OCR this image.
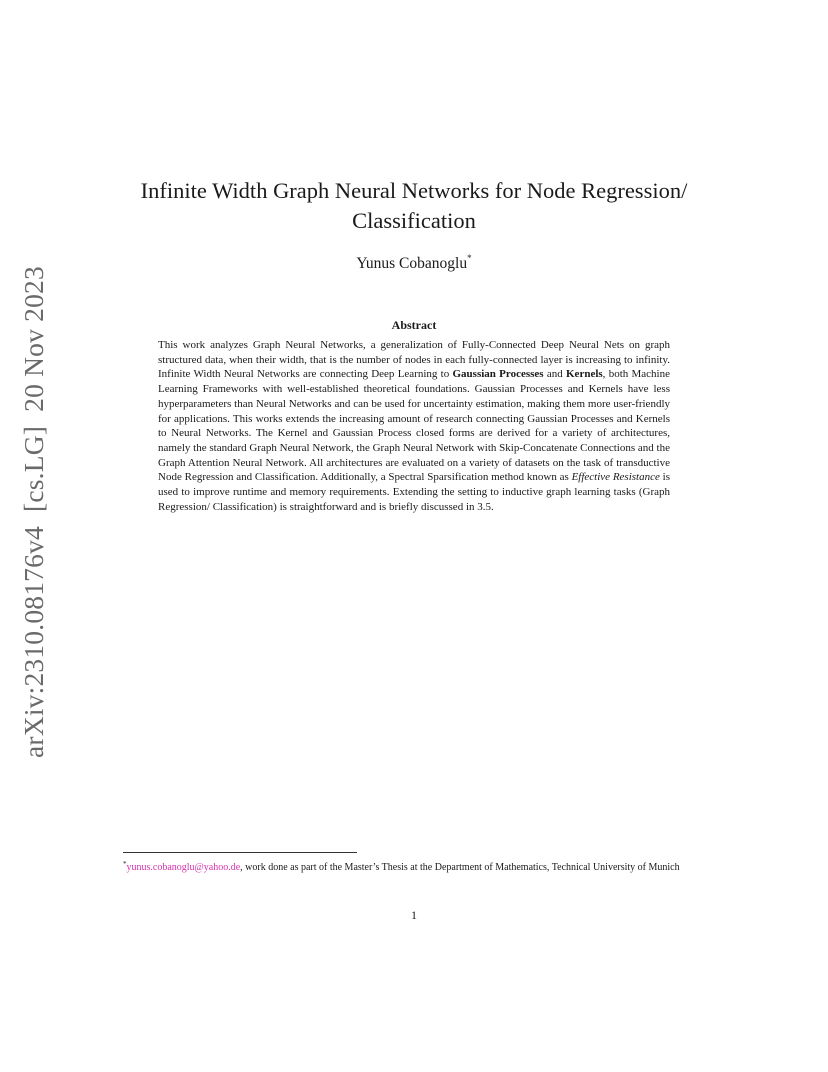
arXiv:2310.08176v4[cs.LG]20 Nov 2023
Infinite Width Graph Neural Networks for Node Regression/
Classification
Yunus Cobanoglu*
Abstract

This work analyzes Graph Neural Networks, a generalization of Fully-Connected Deep Neural Nets on graph structured data, when their width, that is the number of nodes in each fully-connected layer is increasing to infinity. Infinite Width Neural Networks are connecting Deep Learning to Gaussian Processes and Kernels, both Machine Learning Frameworks with well-established theoretical foundations. Gaussian Processes and Kernels have less hyperparameters than Neural Networks and can be used for uncertainty estimation, making them more user-friendly for applications. This works extends the increasing amount of research connecting Gaussian Processes and Kernels to Neural Networks. The Kernel and Gaussian Process closed forms are derived for a variety of architectures, namely the standard Graph Neural Network, the Graph Neural Network with Skip-Concatenate Connections and the Graph Attention Neural Network. All architectures are evaluated on a variety of datasets on the task of transductive Node Regression and Classification. Additionally, a Spectral Sparsification method known as Effective Resistance is used to improve runtime and memory requirements. Extending the setting to inductive graph learning tasks (Graph Regression/ Classification) is straightforward and is briefly discussed in 3.5.

*yunus.cobanoglu@yahoo.de, work done as part of the Master’s Thesis at the Department of Mathematics, Technical University of Munich
1
